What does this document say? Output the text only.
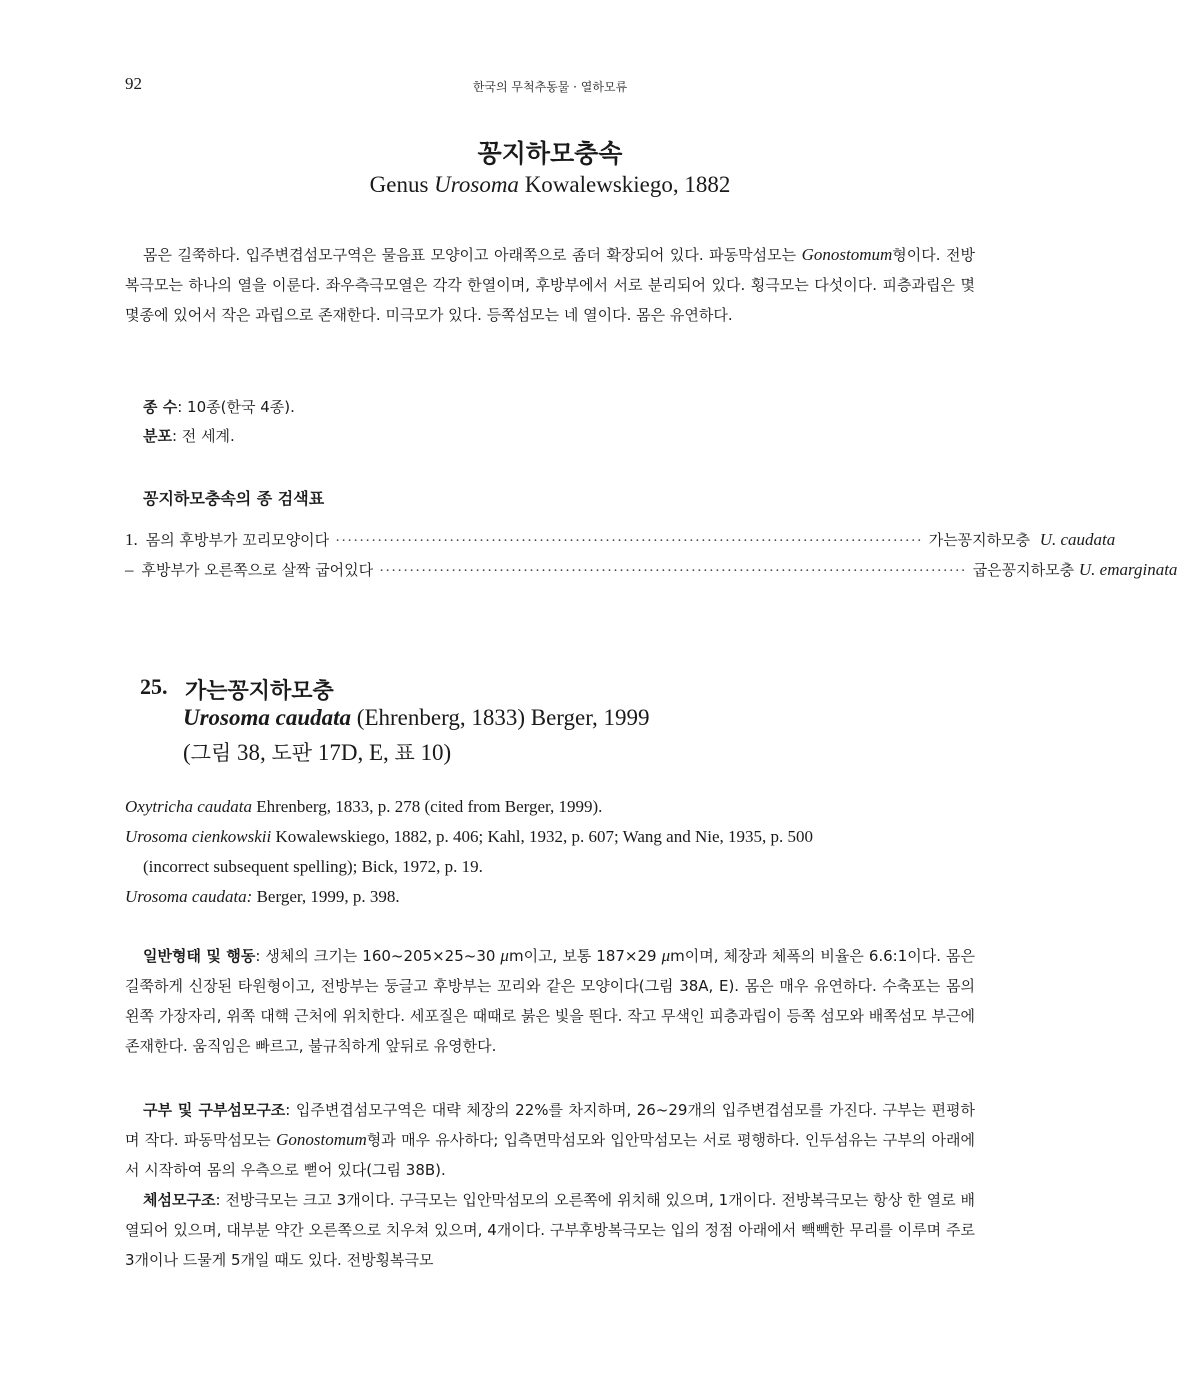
92	한국의 무척추동물 · 열하모류
꽁지하모충속
Genus Urosoma Kowalewskiego, 1882
몸은 길쭉하다. 입주변겹섬모구역은 물음표 모양이고 아래쪽으로 좀더 확장되어 있다. 파동막섬모는 Gonostomum형이다. 전방복극모는 하나의 열을 이룬다. 좌우측극모열은 각각 한열이며, 후방부에서 서로 분리되어 있다. 횡극모는 다섯이다. 피층과립은 몇몇종에 있어서 작은 과립으로 존재한다. 미극모가 있다. 등쪽섬모는 네 열이다. 몸은 유연하다.
종 수: 10종(한국 4종).
분포: 전 세계.
꽁지하모충속의 종 검색표
1. 몸의 후방부가 꼬리모양이다 ·································································································· 가는꽁지하모충 U. caudata
– 후방부가 오른쪽으로 살짝 굽어있다 ·································································································· 굽은꽁지하모충 U. emarginata
25. 가는꽁지하모충
Urosoma caudata (Ehrenberg, 1833) Berger, 1999
(그림 38, 도판 17D, E, 표 10)
Oxytricha caudata Ehrenberg, 1833, p. 278 (cited from Berger, 1999).
Urosoma cienkowskii Kowalewskiego, 1882, p. 406; Kahl, 1932, p. 607; Wang and Nie, 1935, p. 500
(incorrect subsequent spelling); Bick, 1972, p. 19.
Urosoma caudata: Berger, 1999, p. 398.
일반형태 및 행동: 생체의 크기는 160~205×25~30 μm이고, 보통 187×29 μm이며, 체장과 체폭의 비율은 6.6:1이다. 몸은 길쭉하게 신장된 타원형이고, 전방부는 둥글고 후방부는 꼬리와 같은 모양이다(그림 38A, E). 몸은 매우 유연하다. 수축포는 몸의 왼쪽 가장자리, 위쪽 대핵 근처에 위치한다. 세포질은 때때로 붉은 빛을 띈다. 작고 무색인 피층과립이 등쪽 섬모와 배쪽섬모 부근에 존재한다. 움직임은 빠르고, 불규칙하게 앞뒤로 유영한다.
구부 및 구부섬모구조: 입주변겹섬모구역은 대략 체장의 22%를 차지하며, 26~29개의 입주변겹섬모를 가진다. 구부는 편평하며 작다. 파동막섬모는 Gonostomum형과 매우 유사하다; 입측면막섬모와 입안막섬모는 서로 평행하다. 인두섬유는 구부의 아래에서 시작하여 몸의 우측으로 뻗어 있다(그림 38B).
체섬모구조: 전방극모는 크고 3개이다. 구극모는 입안막섬모의 오른쪽에 위치해 있으며, 1개이다. 전방복극모는 항상 한 열로 배열되어 있으며, 대부분 약간 오른쪽으로 치우쳐 있으며, 4개이다. 구부후방복극모는 입의 정점 아래에서 빽빽한 무리를 이루며 주로 3개이나 드물게 5개일 때도 있다. 전방횡복극모
